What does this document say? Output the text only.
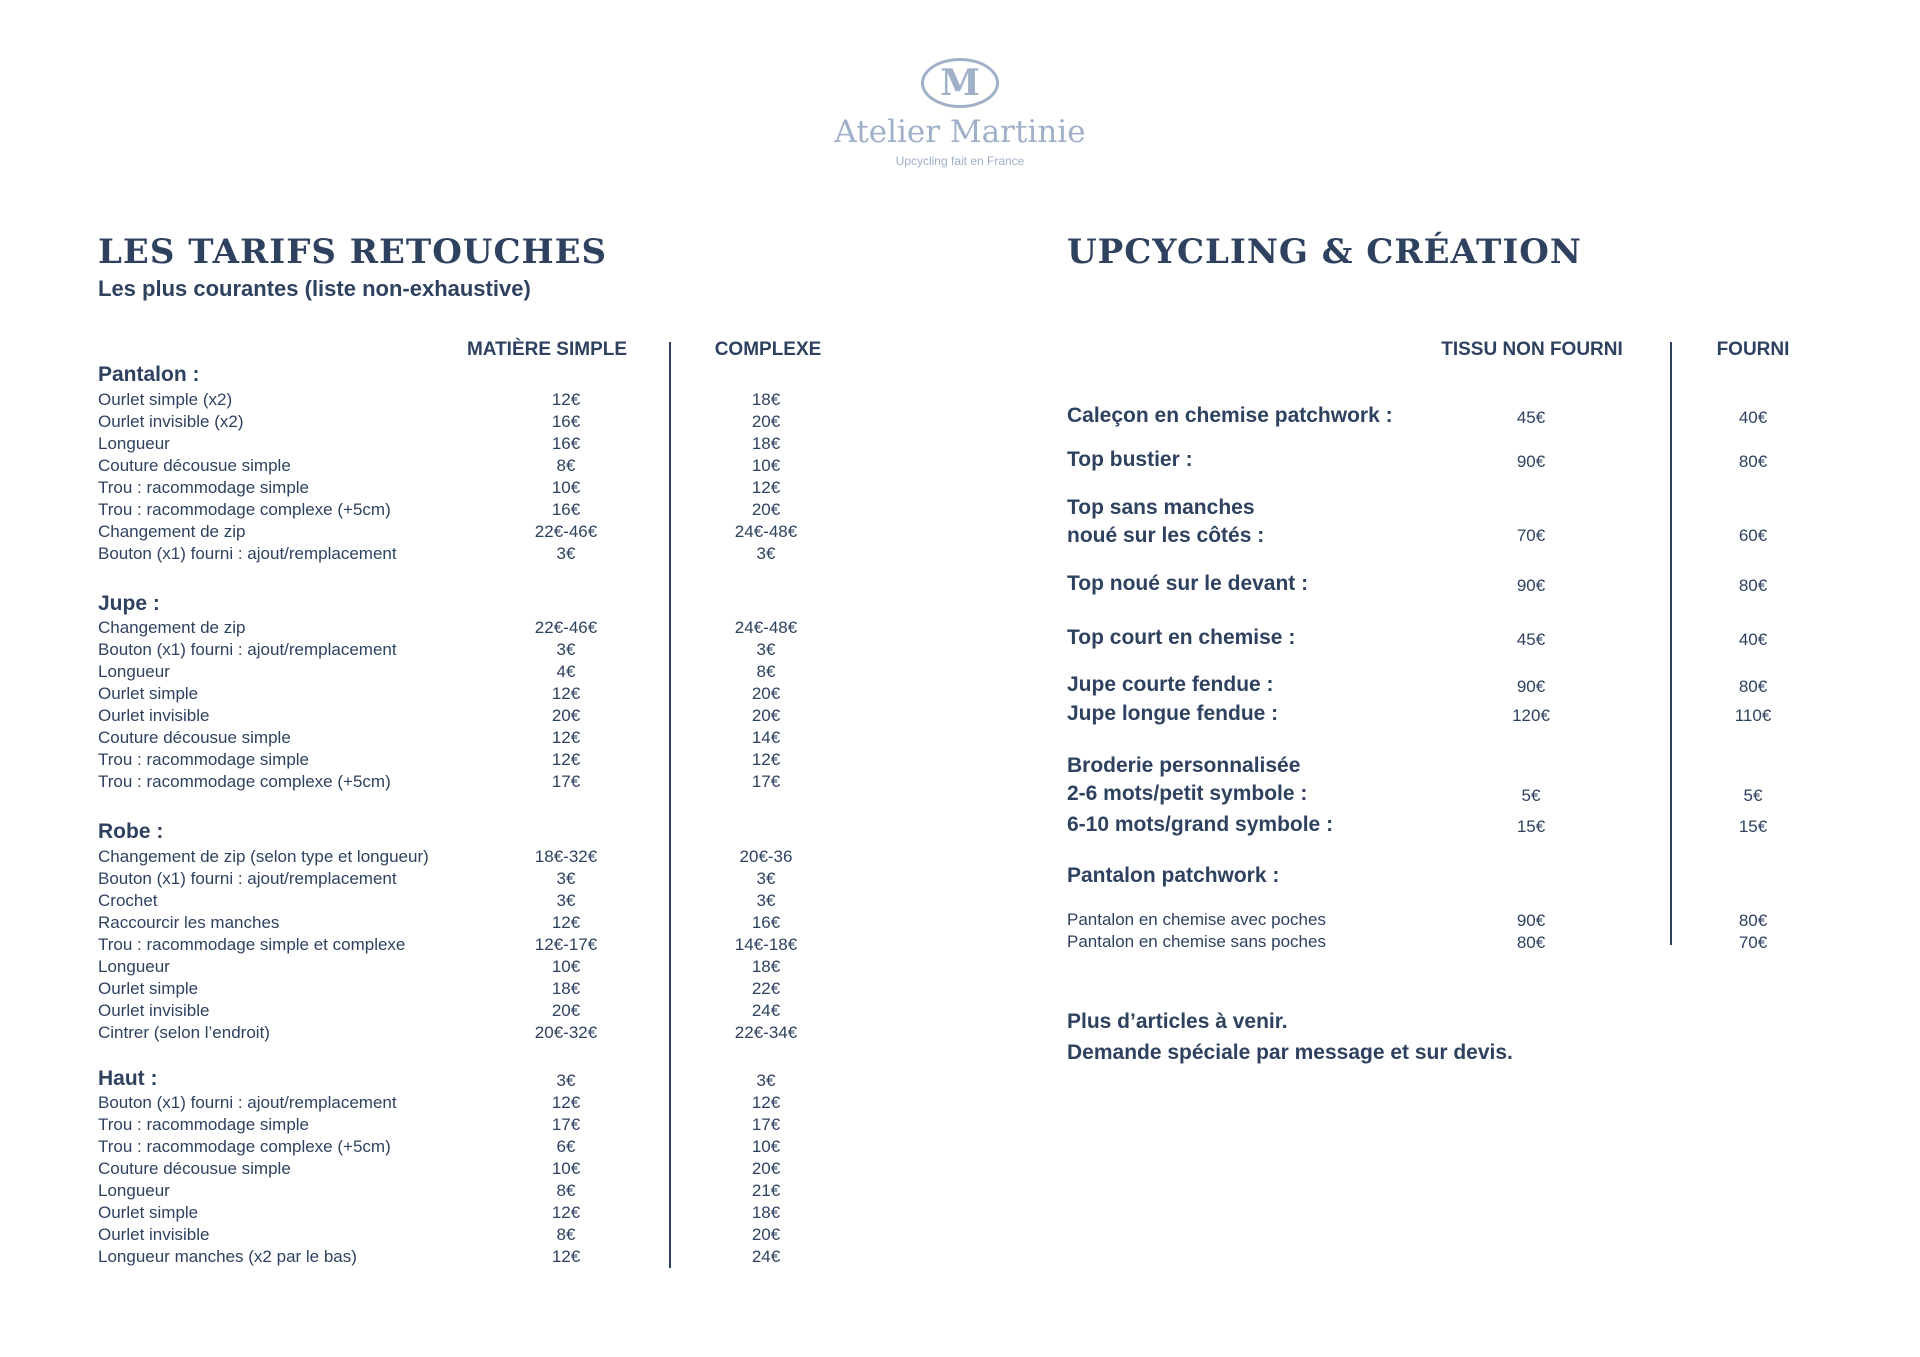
M
Atelier Martinie
Upcycling fait en France
LES TARIFS RETOUCHES
Les plus courantes (liste non-exhaustive)
MATIÈRE SIMPLE	COMPLEXE
Pantalon :
Ourlet simple (x2)	12€	18€
Ourlet invisible (x2)	16€	20€
Longueur	16€	18€
Couture décousue simple	8€	10€
Trou : racommodage simple	10€	12€
Trou : racommodage complexe (+5cm)	16€	20€
Changement de zip	22€-46€	24€-48€
Bouton (x1) fourni : ajout/remplacement	3€	3€
Jupe :
Changement de zip	22€-46€	24€-48€
Bouton (x1) fourni : ajout/remplacement	3€	3€
Longueur	4€	8€
Ourlet simple	12€	20€
Ourlet invisible	20€	20€
Couture décousue simple	12€	14€
Trou : racommodage simple	12€	12€
Trou : racommodage complexe (+5cm)	17€	17€
Robe :
Changement de zip (selon type et longueur)	18€-32€	20€-36
Bouton (x1) fourni : ajout/remplacement	3€	3€
Crochet	3€	3€
Raccourcir les manches	12€	16€
Trou : racommodage simple et complexe	12€-17€	14€-18€
Longueur	10€	18€
Ourlet simple	18€	22€
Ourlet invisible	20€	24€
Cintrer (selon l’endroit)	20€-32€	22€-34€
Haut :	3€	3€
Bouton (x1) fourni : ajout/remplacement	12€	12€
Trou : racommodage simple	17€	17€
Trou : racommodage complexe (+5cm)	6€	10€
Couture décousue simple	10€	20€
Longueur	8€	21€
Ourlet simple	12€	18€
Ourlet invisible	8€	20€
Longueur manches (x2 par le bas)	12€	24€
UPCYCLING & CRÉATION
TISSU NON FOURNI	FOURNI
Caleçon en chemise patchwork :	45€	40€
Top bustier :	90€	80€
Top sans manches
noué sur les côtés :	70€	60€
Top noué sur le devant :	90€	80€
Top court en chemise :	45€	40€
Jupe courte fendue :	90€	80€
Jupe longue fendue :	120€	110€
Broderie personnalisée
2-6 mots/petit symbole :	5€	5€
6-10 mots/grand symbole :	15€	15€
Pantalon patchwork :
Pantalon en chemise avec poches	90€	80€
Pantalon en chemise sans poches	80€	70€
Plus d’articles à venir.
Demande spéciale par message et sur devis.
